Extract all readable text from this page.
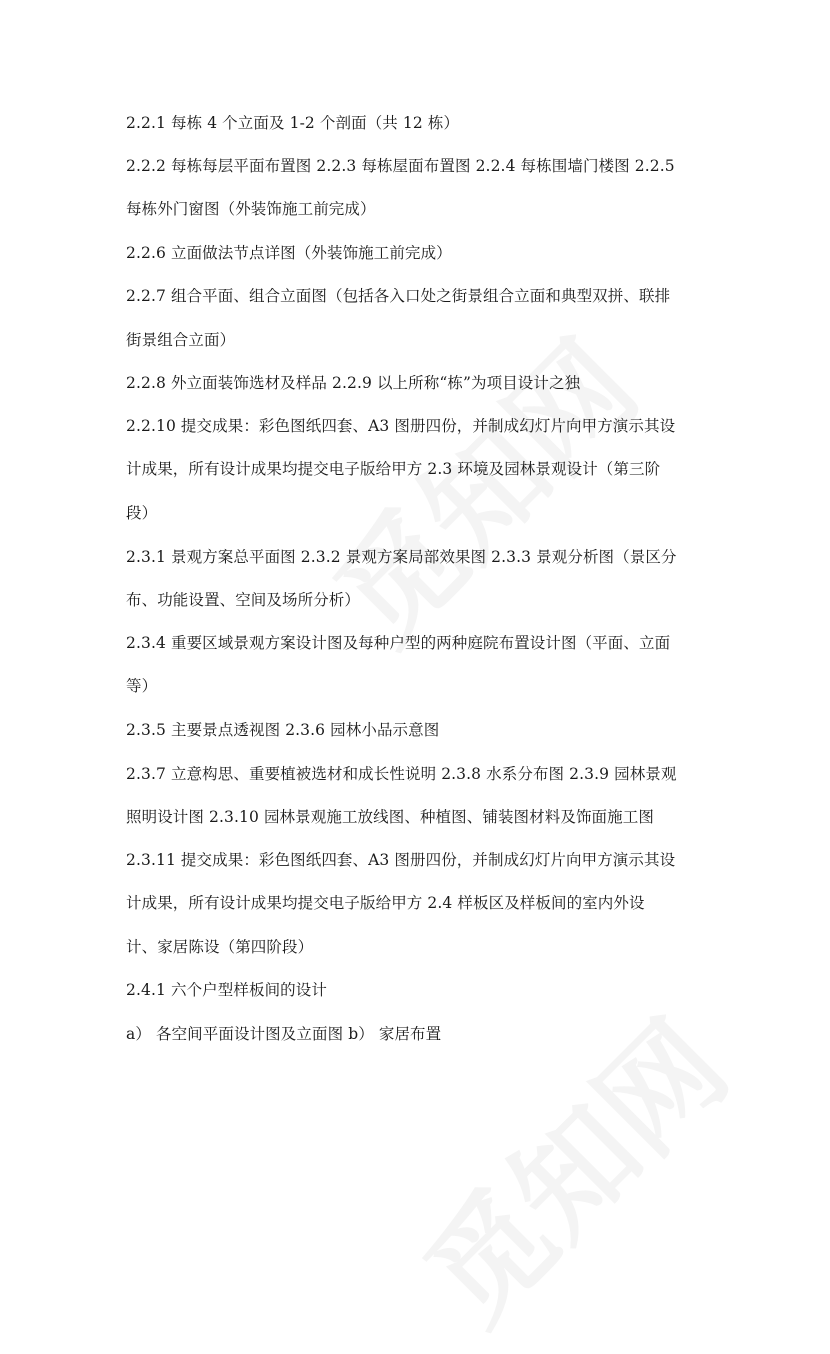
2.2.1 每栋 4 个立面及 1-2 个剖面（共 12 栋）
2.2.2 每栋每层平面布置图 2.2.3 每栋屋面布置图 2.2.4 每栋围墙门楼图 2.2.5
每栋外门窗图（外装饰施工前完成）
2.2.6 立面做法节点详图（外装饰施工前完成）
2.2.7 组合平面、组合立面图（包括各入口处之街景组合立面和典型双拼、联排
街景组合立面）
2.2.8 外立面装饰选材及样品 2.2.9 以上所称“栋”为项目设计之独
2.2.10 提交成果：彩色图纸四套、A3 图册四份，并制成幻灯片向甲方演示其设
计成果，所有设计成果均提交电子版给甲方 2.3 环境及园林景观设计（第三阶
段）
2.3.1 景观方案总平面图 2.3.2 景观方案局部效果图 2.3.3 景观分析图（景区分
布、功能设置、空间及场所分析）
2.3.4 重要区域景观方案设计图及每种户型的两种庭院布置设计图（平面、立面
等）
2.3.5 主要景点透视图 2.3.6 园林小品示意图
2.3.7 立意构思、重要植被选材和成长性说明 2.3.8 水系分布图 2.3.9 园林景观
照明设计图 2.3.10 园林景观施工放线图、种植图、铺装图材料及饰面施工图
2.3.11 提交成果：彩色图纸四套、A3 图册四份，并制成幻灯片向甲方演示其设
计成果，所有设计成果均提交电子版给甲方 2.4 样板区及样板间的室内外设
计、家居陈设（第四阶段）
2.4.1 六个户型样板间的设计
a） 各空间平面设计图及立面图 b） 家居布置
